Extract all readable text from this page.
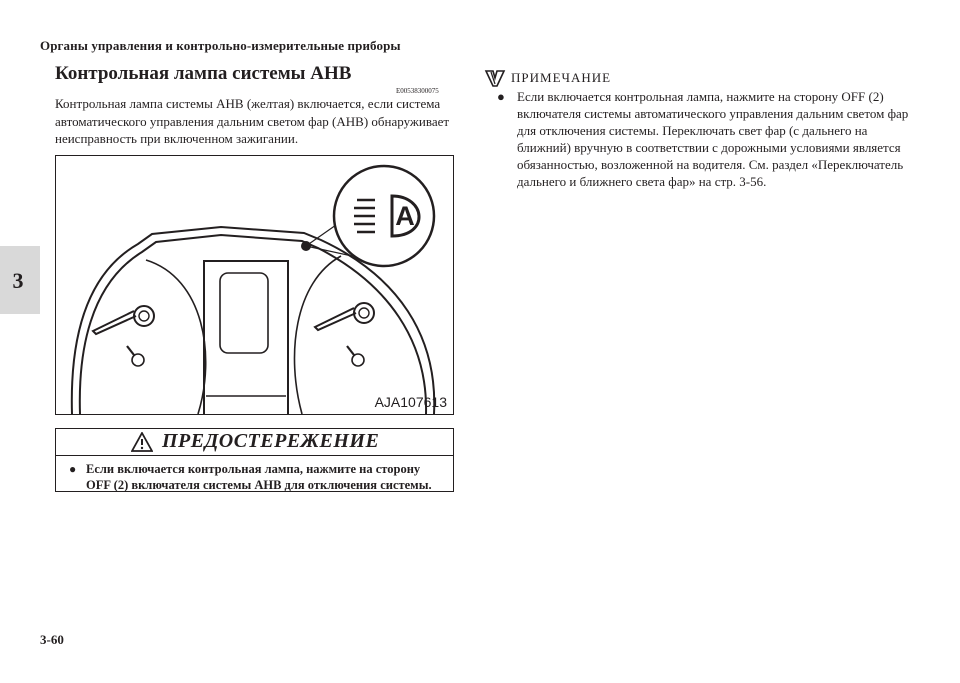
Органы управления и контрольно-измерительные приборы
3
Контрольная лампа системы АНВ
E00538300075
Контрольная лампа системы АНВ (желтая) включается, если система автоматического управления дальним светом фар (АНВ) обнаруживает неисправность при включенном зажигании.
A
AJA107613
ПРЕДОСТЕРЕЖЕНИЕ
● Если включается контрольная лампа, нажмите на сторону OFF (2) включателя системы АНВ для отключения системы.
ПРИМЕЧАНИЕ
● Если включается контрольная лампа, нажмите на сторону OFF (2) включателя системы автоматического управления дальним светом фар для отключения системы. Переключать свет фар (с дальнего на ближний) вручную в соответствии с дорожными условиями является обязанностью, возложенной на водителя. См. раздел «Переключатель дальнего и ближнего света фар» на стр. 3-56.
3-60
